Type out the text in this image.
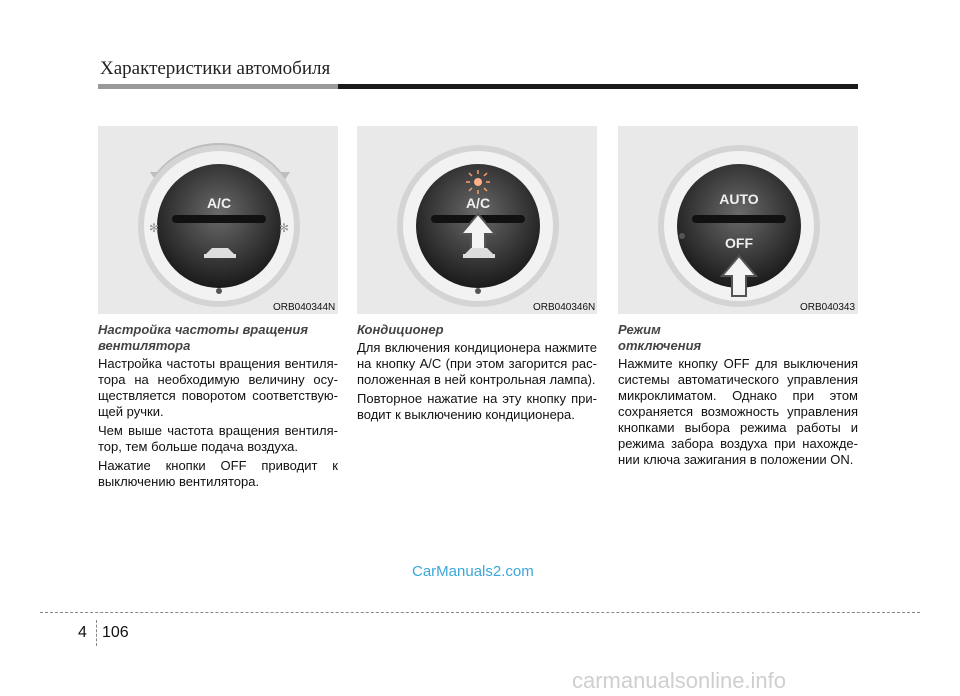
Характеристики автомобиля
A/C
✻	✻
ORB040344N
A/C
ORB040346N
AUTO
OFF
ORB040343
Настройка частоты вращения
вентилятора

Настройка частоты вращения вентиля-тора на необходимую величину осу-ществляется поворотом соответствую-щей ручки.

Чем выше частота вращения вентиля-тор, тем больше подача воздуха.

Нажатие кнопки OFF приводит к выключению вентилятора.

Кондиционер

Для включения кондиционера нажмите на кнопку A/C (при этом загорится рас-положенная в ней контрольная лампа).

Повторное нажатие на эту кнопку при-водит к выключению кондиционера.

Режим
отключения

Нажмите кнопку OFF для выключения системы автоматического управления микроклиматом. Однако при этом сохраняется возможность управления кнопками выбора режима работы и режима забора воздуха при нахожде-нии ключа зажигания в положении ON.

CarManuals2.com
4 106
carmanualsonline.info
